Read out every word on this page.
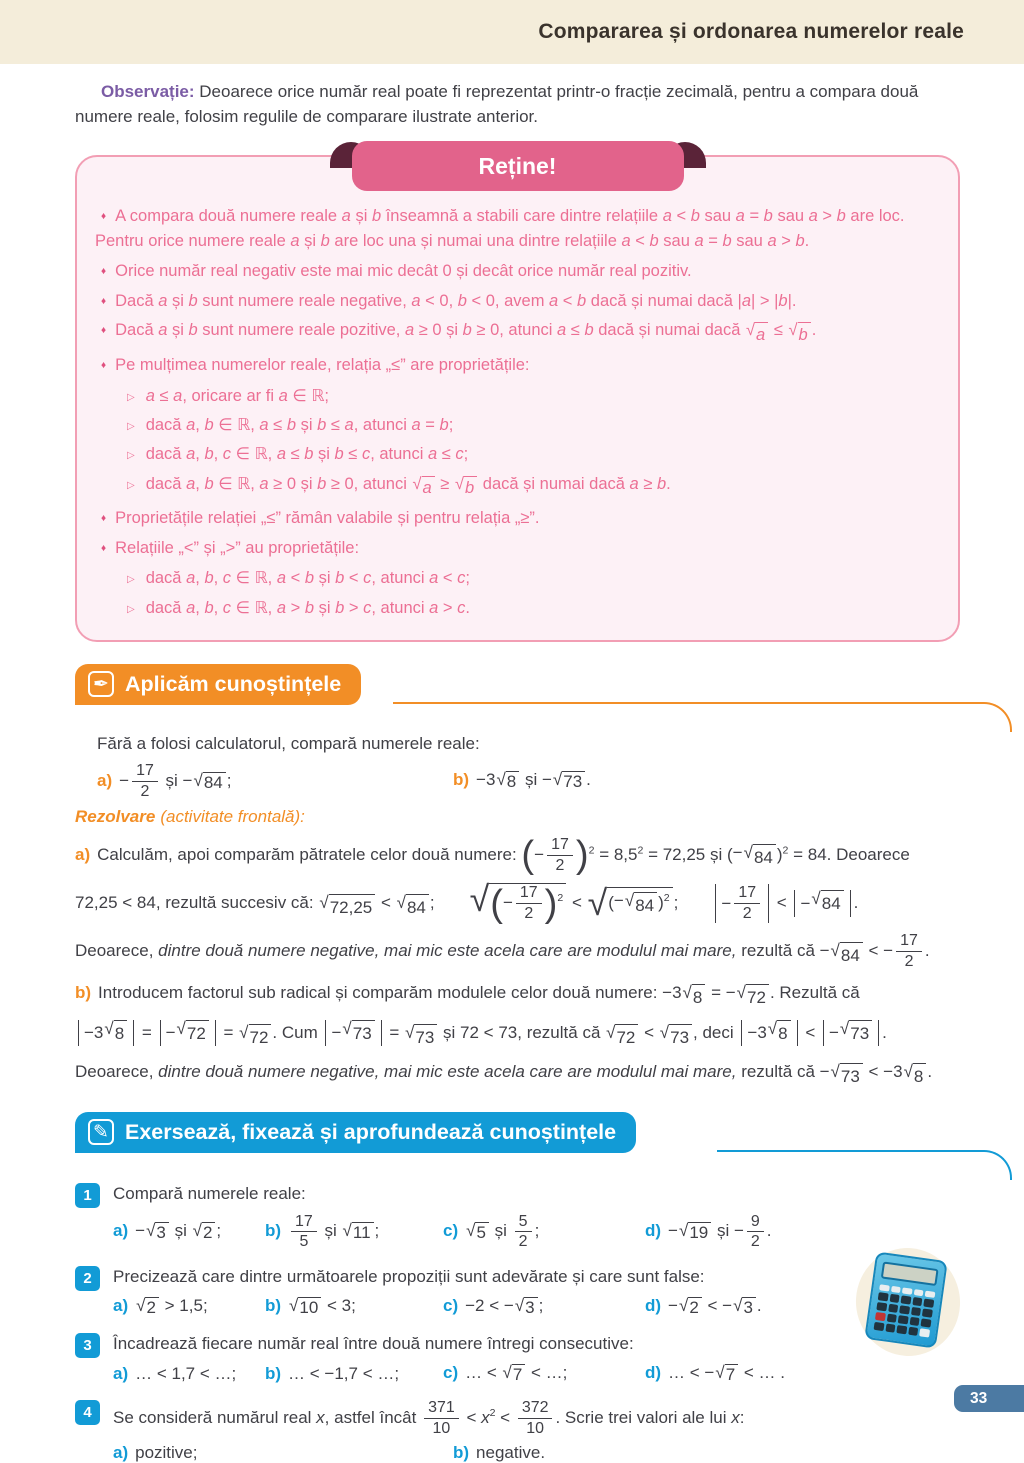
Compararea și ordonarea numerelor reale

Observație: Deoarece orice număr real poate fi reprezentat printr-o fracție zecimală, pentru a compara două numere reale, folosim regulile de comparare ilustrate anterior.

Reține!
♦ A compara două numere reale a și b înseamnă a stabili care dintre relațiile a < b sau a = b sau a > b are loc. Pentru orice numere reale a și b are loc una și numai una dintre relațiile a < b sau a = b sau a > b.
♦ Orice număr real negativ este mai mic decât 0 și decât orice număr real pozitiv.
♦ Dacă a și b sunt numere reale negative, a < 0, b < 0, avem a < b dacă și numai dacă |a| > |b|.
♦ Dacă a și b sunt numere reale pozitive, a ≥ 0 și b ≥ 0, atunci a ≤ b dacă și numai dacă √ a ≤ √ b .
♦ Pe mulțimea numerelor reale, relația „≤” are proprietățile:
▷ a ≤ a, oricare ar fi a ∈ ℝ;
▷ dacă a, b ∈ ℝ, a ≤ b și b ≤ a, atunci a = b;
▷ dacă a, b, c ∈ ℝ, a ≤ b și b ≤ c, atunci a ≤ c;
▷ dacă a, b ∈ ℝ, a ≥ 0 și b ≥ 0, atunci √ a ≥ √ b dacă și numai dacă a ≥ b.
♦ Proprietățile relației „≤” rămân valabile și pentru relația „≥”.
♦ Relațiile „<” și „>” au proprietățile:
▷ dacă a, b, c ∈ ℝ, a < b și b < c, atunci a < c;
▷ dacă a, b, c ∈ ℝ, a > b și b > c, atunci a > c.
✒ Aplicăm cunoștințele

Fără a folosi calculatorul, compară numerele reale:

$a) - \frac{17}{2}$ și − √ 84 ;	b) −3 √ 8 și − √ 73 .

Rezolvare (activitate frontală):

a) Calculăm, apoi comparăm pătratele celor două numere: ( − $\frac{17}{2}$ ) $^2 = 8,5^2 = 72,25$ și ( − √ 84 ) $^2$ = 84. Deoarece

72,25 < 84, rezultă succesiv că: √ 72,25 < √ 84 ;   √ ( − $\frac{17}{2}$ ) $^2$ < √ ( − √ 84 ) $^2$ ;  − $\frac{17}{2}$ < − √ 84 .

Deoarece, dintre două numere negative, mai mic este acela care are modulul mai mare, rezultă că − √ 84 < − $\frac{17}{2}$ .

b) Introducem factorul sub radical și comparăm modulele celor două numere: −3 √ 8 = − √ 72 . Rezultă că

−3 √ 8 = − √ 72 = √ 72 . Cum − √ 73 = √ 73 și 72 < 73, rezultă că √ 72 < √ 73 , deci −3 √ 8 < − √ 73 .

Deoarece, dintre două numere negative, mai mic este acela care are modulul mai mare, rezultă că − √ 73 < −3 √ 8 .

✎ Exersează, fixează și aprofundează cunoștințele
1	Compară numerele reale:
a) − √ 3 și √ 2 ;	$b) \frac{17}{5}$ și √ 11 ;	c) √ 5 și $\frac{5}{2}$ ;	d) − √ 19 și − $\frac{9}{2}$ .
2	Precizează care dintre următoarele propoziții sunt adevărate și care sunt false:
a) √ 2 > 1,5;	b) √ 10 < 3;	c) −2 < − √ 3 ;	d) − √ 2 < − √ 3 .
3	Încadrează fiecare număr real între două numere întregi consecutive:
a) … < 1,7 < …;	b) … < −1,7 < …;	c) … < √ 7 < …;	d) … < − √ 7 < … .
4	Se consideră numărul real x, astfel încât $\frac{371}{10} < x^2 < \frac{372}{10}$ . Scrie trei valori ale lui x:
a) pozitive;	b) negative.
33
